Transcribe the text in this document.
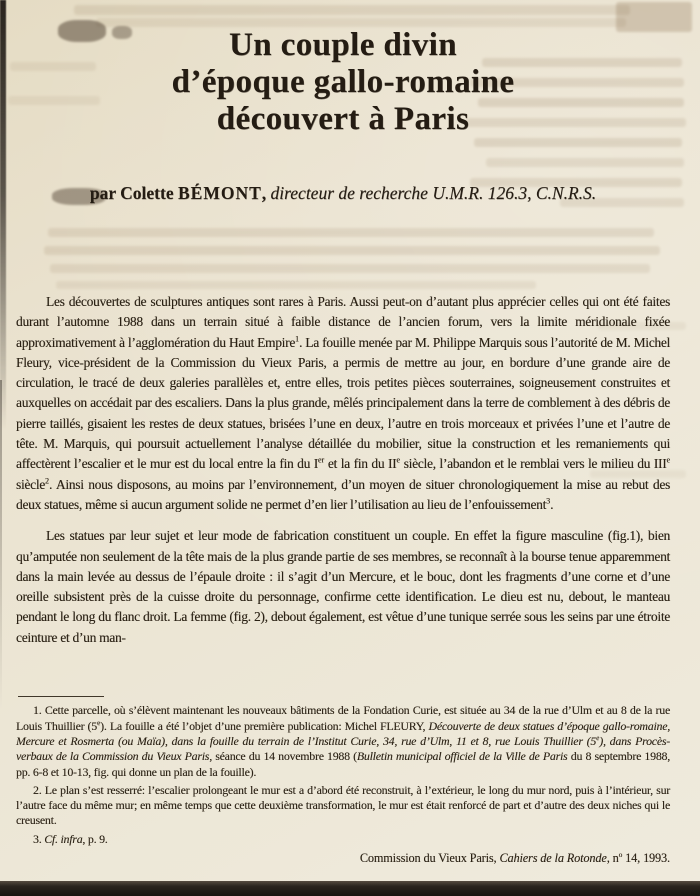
Un couple divin
d’époque gallo-romaine
découvert à Paris

par Colette BÉMONT, directeur de recherche U.M.R. 126.3, C.N.R.S.

Les découvertes de sculptures antiques sont rares à Paris. Aussi peut-on d’autant plus apprécier celles qui ont été faites durant l’automne 1988 dans un terrain situé à faible distance de l’ancien forum, vers la limite méridionale fixée approximativement à l’agglomération du Haut Empire$^1$. La fouille menée par M. Philippe Marquis sous l’autorité de M. Michel Fleury, vice-président de la Commission du Vieux Paris, a permis de mettre au jour, en bordure d’une grande aire de circulation, le tracé de deux galeries parallèles et, entre elles, trois petites pièces souterraines, soigneusement construites et auxquelles on accédait par des escaliers. Dans la plus grande, mêlés principalement dans la terre de comblement à des débris de pierre taillés, gisaient les restes de deux statues, brisées l’une en deux, l’autre en trois morceaux et privées l’une et l’autre de tête. M. Marquis, qui poursuit actuellement l’analyse détaillée du mobilier, situe la construction et les remaniements qui affectèrent l’escalier et le mur est du local entre la fin du Ier et la fin du IIe siècle, l’abandon et le remblai vers le milieu du IIIe siècle$^2$. Ainsi nous disposons, au moins par l’environnement, d’un moyen de situer chronologiquement la mise au rebut des deux statues, même si aucun argument solide ne permet d’en lier l’utilisation au lieu de l’enfouissement$^3$.

Les statues par leur sujet et leur mode de fabrication constituent un couple. En effet la figure masculine (fig.1), bien qu’amputée non seulement de la tête mais de la plus grande partie de ses membres, se reconnaît à la bourse tenue apparemment dans la main levée au dessus de l’épaule droite : il s’agit d’un Mercure, et le bouc, dont les fragments d’une corne et d’une oreille subsistent près de la cuisse droite du personnage, confirme cette identification. Le dieu est nu, debout, le manteau pendant le long du flanc droit. La femme (fig. 2), debout également, est vêtue d’une tunique serrée sous les seins par une étroite ceinture et d’un man-

1. Cette parcelle, où s’élèvent maintenant les nouveaux bâtiments de la Fondation Curie, est située au 34 de la rue d’Ulm et au 8 de la rue Louis Thuillier (5e). La fouille a été l’objet d’une première publication: Michel FLEURY, Découverte de deux statues d’époque gallo-romaine, Mercure et Rosmerta (ou Maïa), dans la fouille du terrain de l’Institut Curie, 34, rue d’Ulm, 11 et 8, rue Louis Thuillier (5e), dans Procès-verbaux de la Commission du Vieux Paris, séance du 14 novembre 1988 (Bulletin municipal officiel de la Ville de Paris du 8 septembre 1988, pp. 6-8 et 10-13, fig. qui donne un plan de la fouille).

2. Le plan s’est resserré: l’escalier prolongeant le mur est a d’abord été reconstruit, à l’extérieur, le long du mur nord, puis à l’intérieur, sur l’autre face du même mur; en même temps que cette deuxième transformation, le mur est était renforcé de part et d’autre des deux niches qui le creusent.

3. Cf. infra, p. 9.

Commission du Vieux Paris, Cahiers de la Rotonde, $n^o$ 14, 1993.
